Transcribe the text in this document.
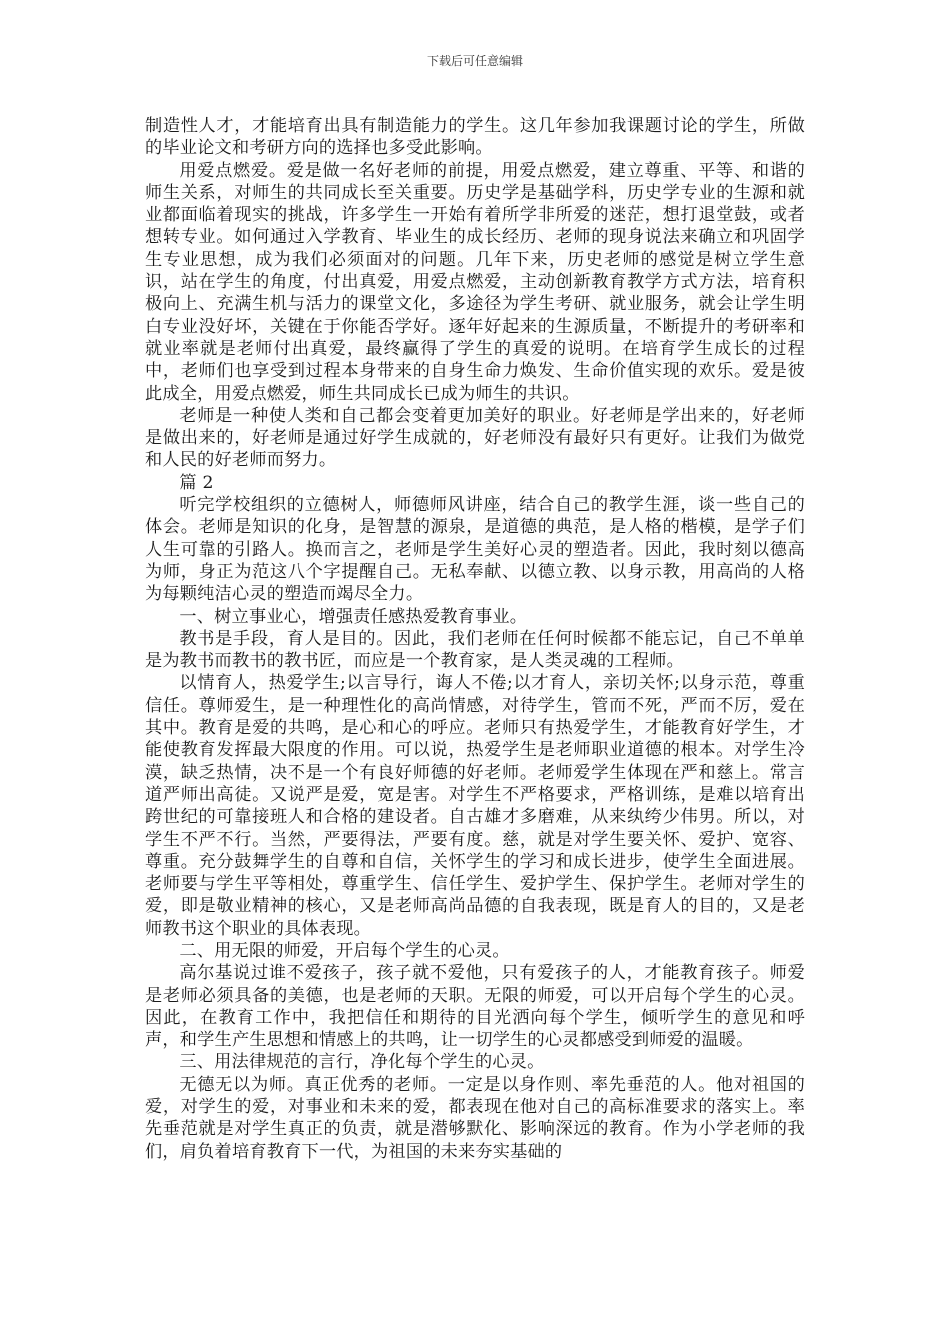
下载后可任意编辑

制造性人才，才能培育出具有制造能力的学生。这几年参加我课题讨论的学生，所做的毕业论文和考研方向的选择也多受此影响。

用爱点燃爱。爱是做一名好老师的前提，用爱点燃爱，建立尊重、平等、和谐的师生关系，对师生的共同成长至关重要。历史学是基础学科，历史学专业的生源和就业都面临着现实的挑战，许多学生一开始有着所学非所爱的迷茫，想打退堂鼓，或者想转专业。如何通过入学教育、毕业生的成长经历、老师的现身说法来确立和巩固学生专业思想，成为我们必须面对的问题。几年下来，历史老师的感觉是树立学生意识，站在学生的角度，付出真爱，用爱点燃爱，主动创新教育教学方式方法，培育积极向上、充满生机与活力的课堂文化，多途径为学生考研、就业服务，就会让学生明白专业没好坏，关键在于你能否学好。逐年好起来的生源质量，不断提升的考研率和就业率就是老师付出真爱，最终赢得了学生的真爱的说明。在培育学生成长的过程中，老师们也享受到过程本身带来的自身生命力焕发、生命价值实现的欢乐。爱是彼此成全，用爱点燃爱，师生共同成长已成为师生的共识。

老师是一种使人类和自己都会变着更加美好的职业。好老师是学出来的，好老师是做出来的，好老师是通过好学生成就的，好老师没有最好只有更好。让我们为做党和人民的好老师而努力。

篇 2

听完学校组织的立德树人，师德师风讲座，结合自己的教学生涯，谈一些自己的体会。老师是知识的化身，是智慧的源泉，是道德的典范，是人格的楷模，是学子们人生可靠的引路人。换而言之，老师是学生美好心灵的塑造者。因此，我时刻以德高为师，身正为范这八个字提醒自己。无私奉献、以德立教、以身示教，用高尚的人格为每颗纯洁心灵的塑造而竭尽全力。

一、树立事业心，增强责任感热爱教育事业。

教书是手段，育人是目的。因此，我们老师在任何时候都不能忘记，自己不单单是为教书而教书的教书匠，而应是一个教育家，是人类灵魂的工程师。

以情育人，热爱学生;以言导行，诲人不倦;以才育人，亲切关怀;以身示范，尊重信任。尊师爱生，是一种理性化的高尚情感，对待学生，管而不死，严而不厉，爱在其中。教育是爱的共鸣，是心和心的呼应。老师只有热爱学生，才能教育好学生，才能使教育发挥最大限度的作用。可以说，热爱学生是老师职业道德的根本。对学生冷漠，缺乏热情，决不是一个有良好师德的好老师。老师爱学生体现在严和慈上。常言道严师出高徒。又说严是爱，宽是害。对学生不严格要求，严格训练，是难以培育出跨世纪的可靠接班人和合格的建设者。自古雄才多磨难，从来纨绔少伟男。所以，对学生不严不行。当然，严要得法，严要有度。慈，就是对学生要关怀、爱护、宽容、尊重。充分鼓舞学生的自尊和自信，关怀学生的学习和成长进步，使学生全面进展。老师要与学生平等相处，尊重学生、信任学生、爱护学生、保护学生。老师对学生的爱，即是敬业精神的核心，又是老师高尚品德的自我表现，既是育人的目的，又是老师教书这个职业的具体表现。

二、用无限的师爱，开启每个学生的心灵。

高尔基说过谁不爱孩子，孩子就不爱他，只有爱孩子的人，才能教育孩子。师爱是老师必须具备的美德，也是老师的天职。无限的师爱，可以开启每个学生的心灵。因此，在教育工作中，我把信任和期待的目光洒向每个学生，倾听学生的意见和呼声，和学生产生思想和情感上的共鸣，让一切学生的心灵都感受到师爱的温暖。

三、用法律规范的言行，净化每个学生的心灵。

无德无以为师。真正优秀的老师。一定是以身作则、率先垂范的人。他对祖国的爱，对学生的爱，对事业和未来的爱，都表现在他对自己的高标准要求的落实上。率先垂范就是对学生真正的负责，就是潜够默化、影响深远的教育。作为小学老师的我们，肩负着培育教育下一代，为祖国的未来夯实基础的
